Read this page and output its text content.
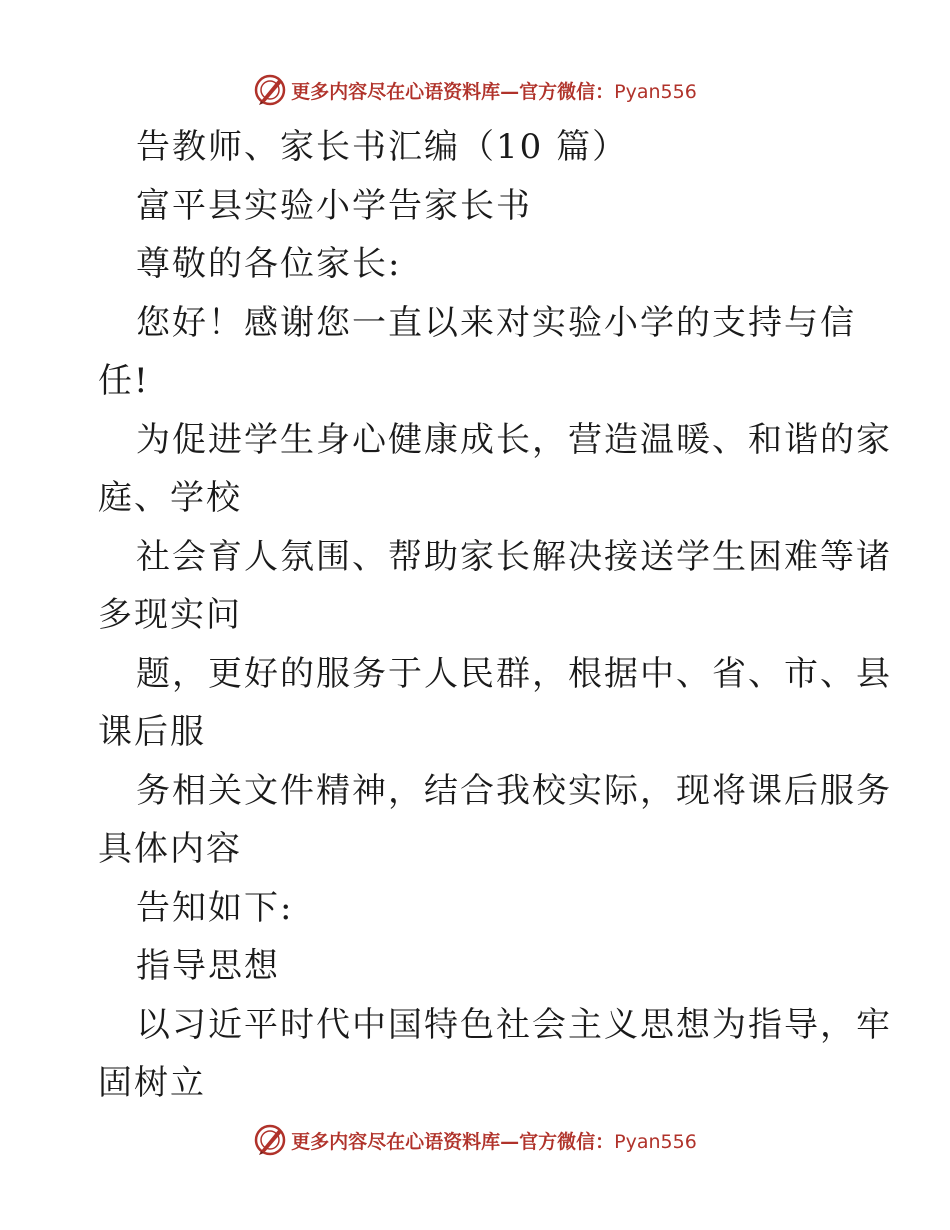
更多内容尽在心语资料库—官方微信：Pyan556
告教师、家长书汇编（10 篇）
富平县实验小学告家长书
尊敬的各位家长:
您好！感谢您一直以来对实验小学的支持与信
任!
为促进学生身心健康成长，营造温暖、和谐的家
庭、学校
社会育人氛围、帮助家长解决接送学生困难等诸
多现实问
题，更好的服务于人民群，根据中、省、市、县
课后服
务相关文件精神，结合我校实际，现将课后服务
具体内容
告知如下:
指导思想
以习近平时代中国特色社会主义思想为指导，牢
固树立
更多内容尽在心语资料库—官方微信：Pyan556
